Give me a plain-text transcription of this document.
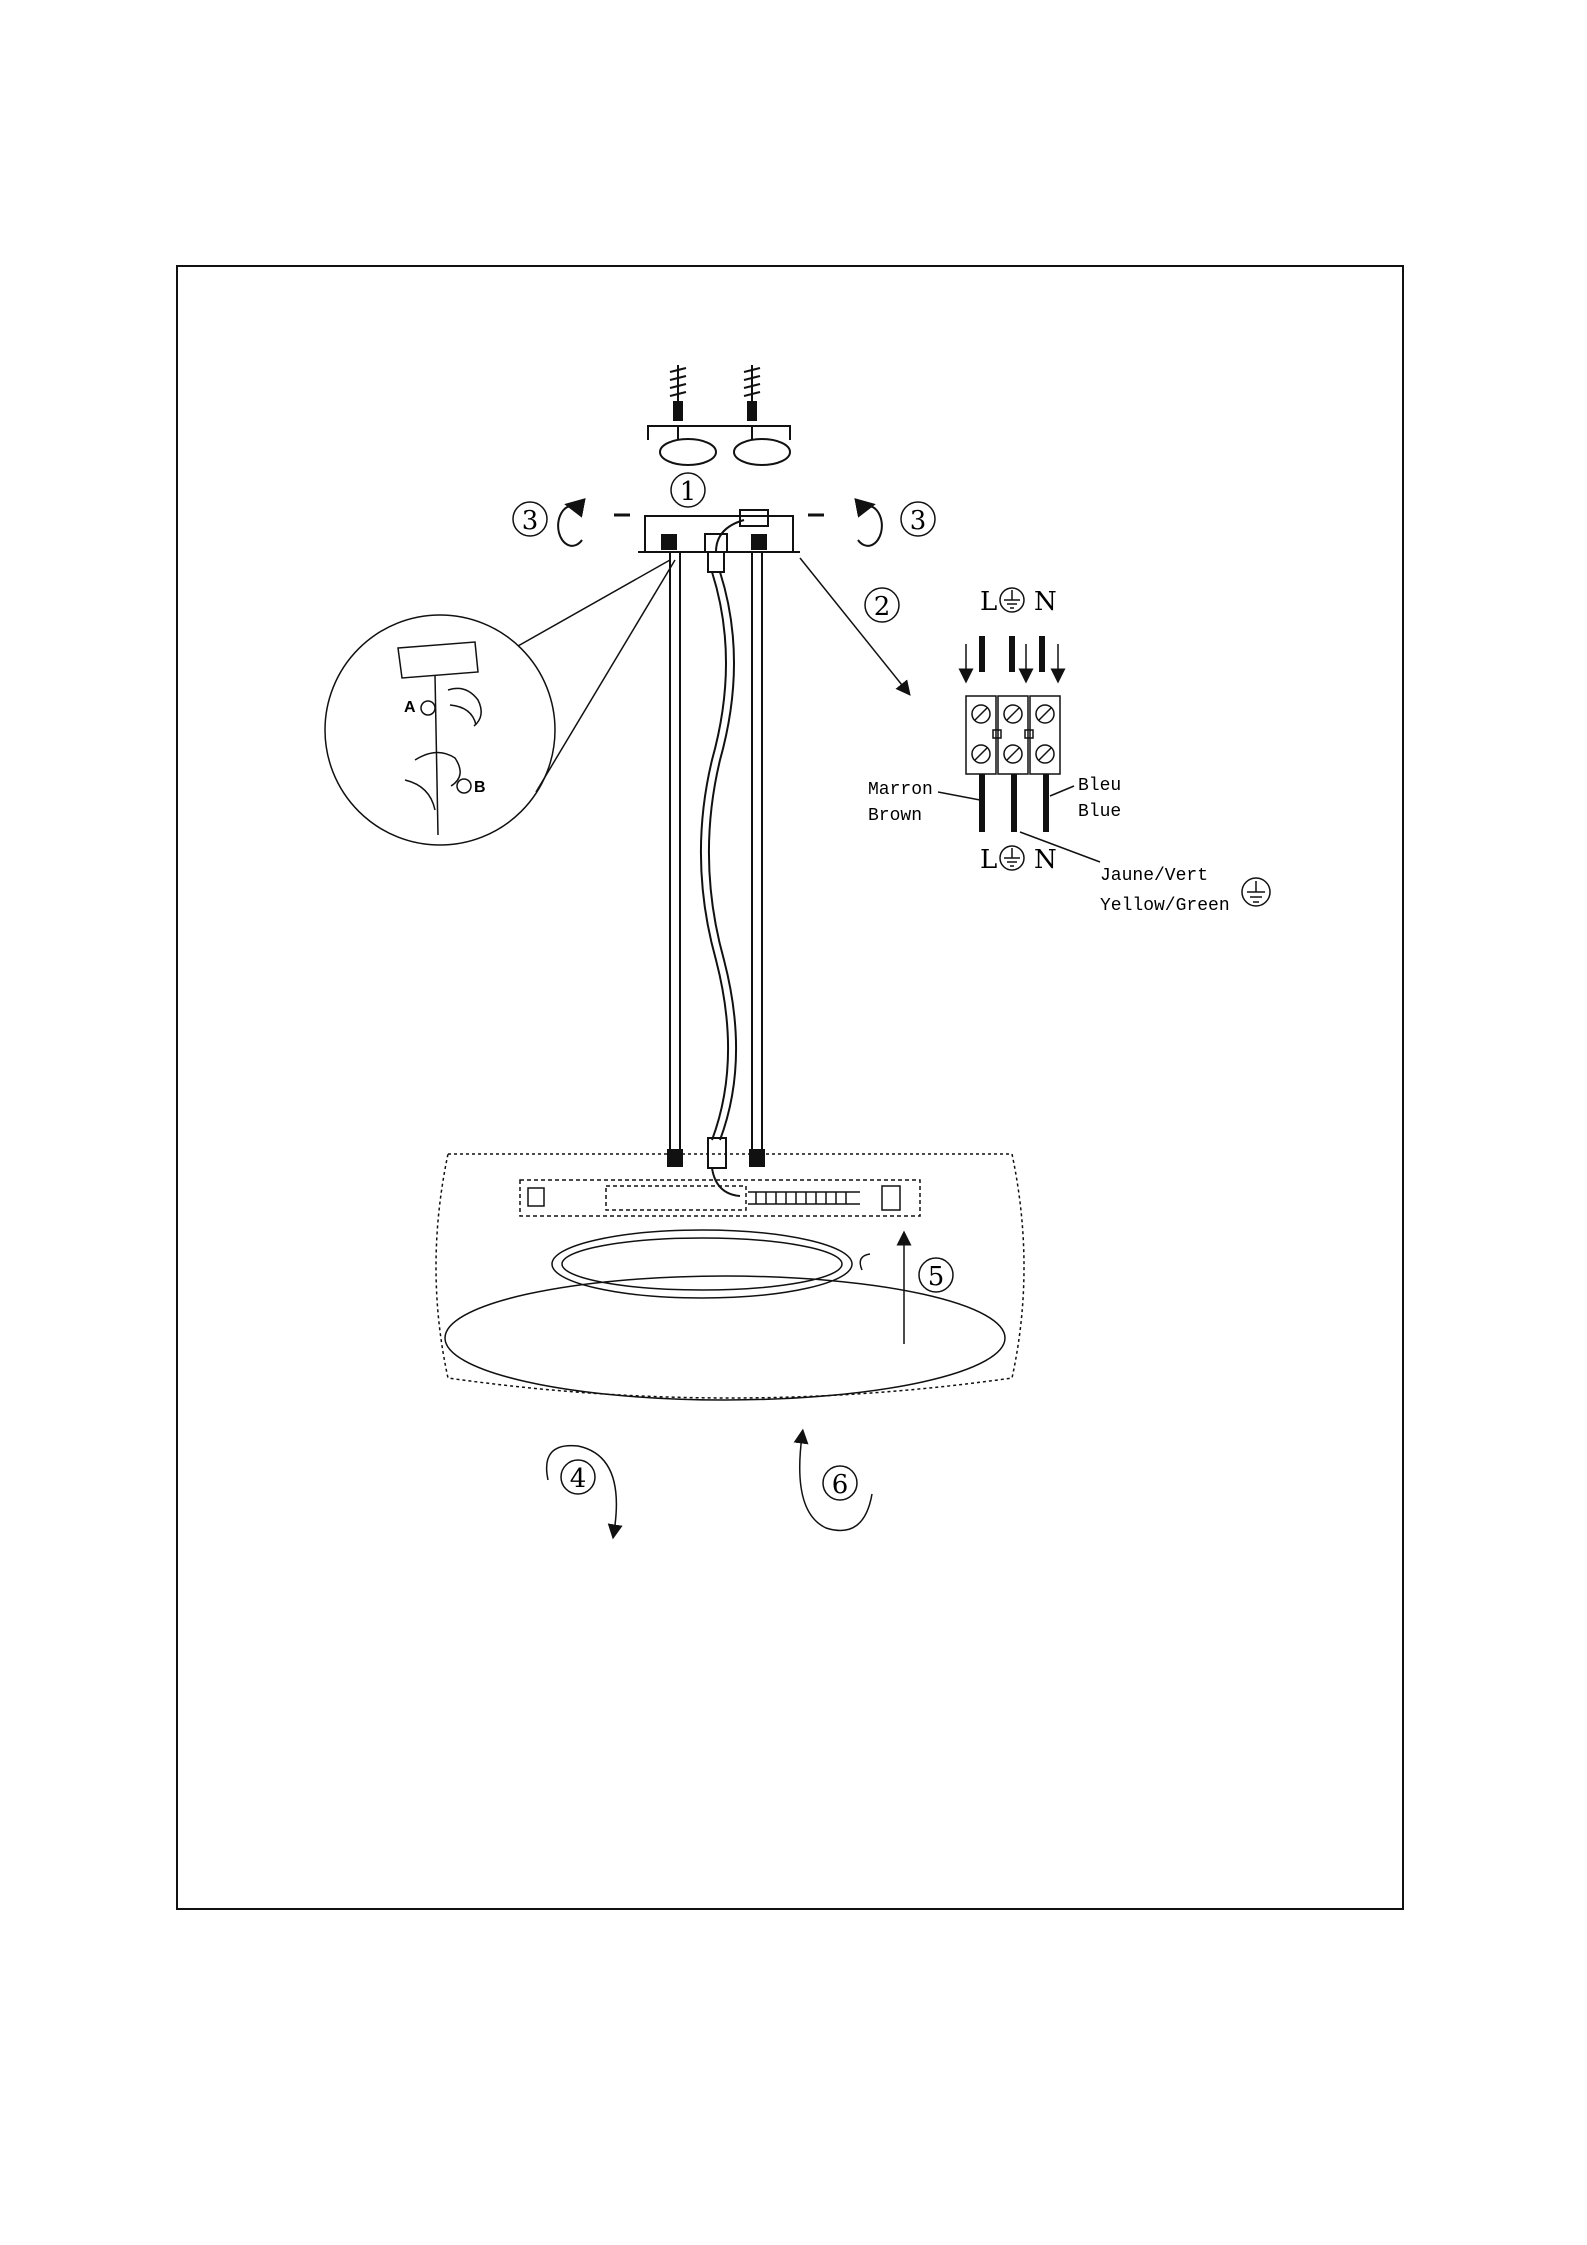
1
3	3
A
B
2	L N
Marron
Brown
Bleu
Blue
L N
Jaune/Vert
Yellow/Green
5
4	6
